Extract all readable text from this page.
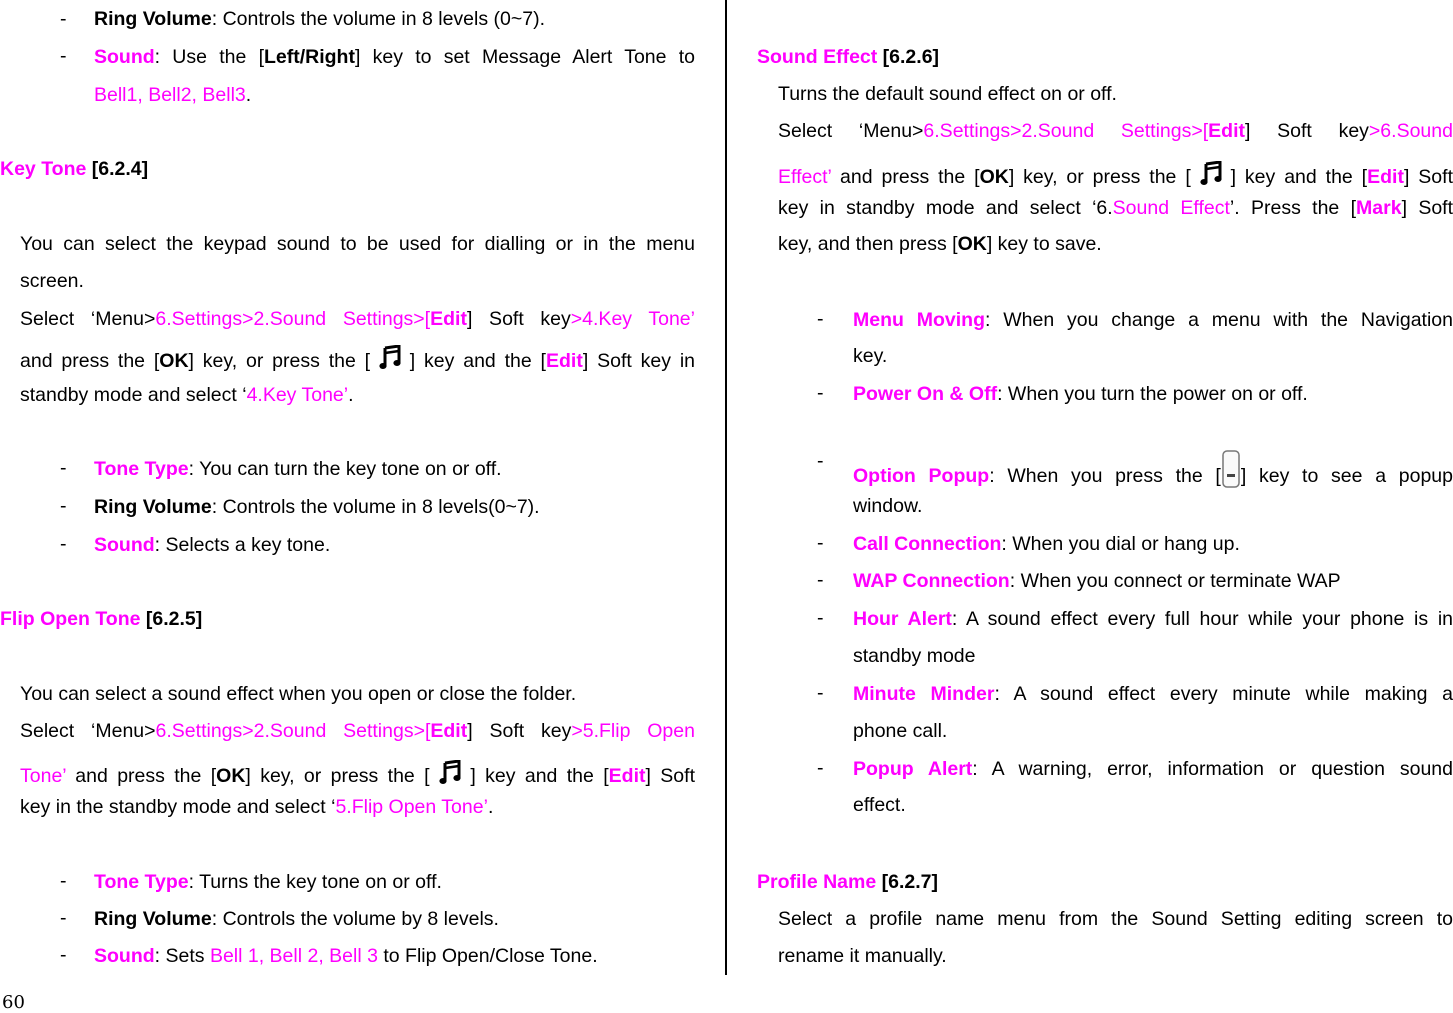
- Ring Volume: Controls the volume in 8 levels (0~7).
- Sound: Use the [Left/Right] key to set Message Alert Tone to
Bell1, Bell2, Bell3.
Key Tone [6.2.4]
You can select the keypad sound to be used for dialling or in the menu
screen.
Select ‘Menu>6.Settings>2.Sound Settings>[Edit] Soft key>4.Key Tone’
and press the [OK] key, or press the [  ] key and the [Edit] Soft key in
standby mode and select ‘4.Key Tone’.
- Tone Type: You can turn the key tone on or off.
- Ring Volume: Controls the volume in 8 levels(0~7).
- Sound: Selects a key tone.
Flip Open Tone [6.2.5]
You can select a sound effect when you open or close the folder.
Select ‘Menu>6.Settings>2.Sound Settings>[Edit] Soft key>5.Flip Open
Tone’ and press the [OK] key, or press the [  ] key and the [Edit] Soft
key in the standby mode and select ‘5.Flip Open Tone’.
- Tone Type: Turns the key tone on or off.
- Ring Volume: Controls the volume by 8 levels.
- Sound: Sets Bell 1, Bell 2, Bell 3 to Flip Open/Close Tone.
Sound Effect [6.2.6]
Turns the default sound effect on or off.
Select ‘Menu>6.Settings>2.Sound Settings>[Edit] Soft key>6.Sound
Effect’ and press the [OK] key, or press the [  ] key and the [Edit] Soft
key in standby mode and select ‘6.Sound Effect’. Press the [Mark] Soft
key, and then press [OK] key to save.
- Menu Moving: When you change a menu with the Navigation
key.
- Power On & Off: When you turn the power on or off.
-
Option Popup: When you press the [ ] key to see a popup
window.
- Call Connection: When you dial or hang up.
- WAP Connection: When you connect or terminate WAP
- Hour Alert: A sound effect every full hour while your phone is in
standby mode
- Minute Minder: A sound effect every minute while making a
phone call.
- Popup Alert: A warning, error, information or question sound
effect.
Profile Name [6.2.7]
Select a profile name menu from the Sound Setting editing screen to
rename it manually.
60
